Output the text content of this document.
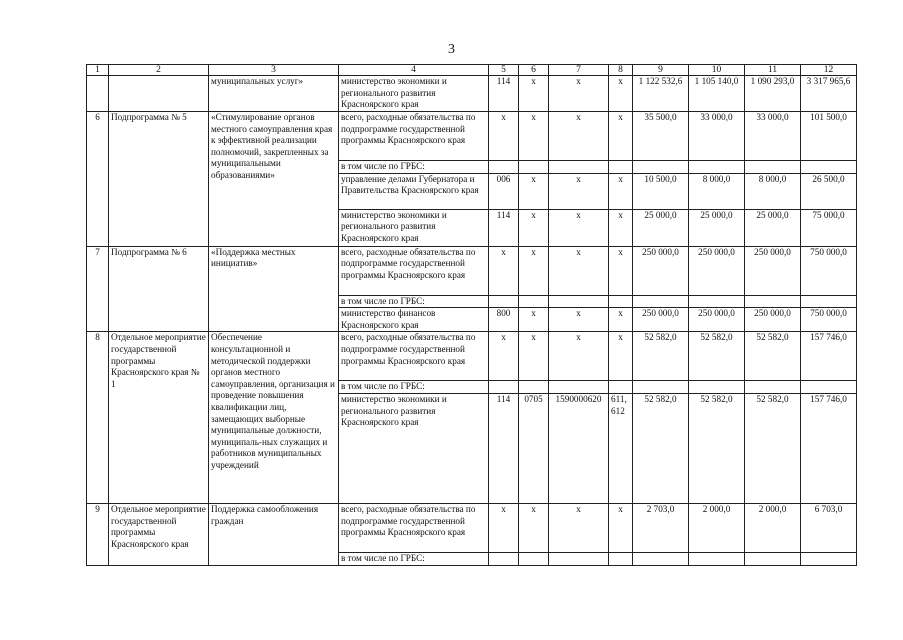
3
1	2	3	4	5	6	7	8	9	10	11	12
		муниципальных услуг»	министерство экономики и регионального развития Красноярского края	114	x	x	x	1 122 532,6	1 105 140,0	1 090 293,0	3 317 965,6
6	Подпрограмма № 5	«Стимулирование органов местного самоуправления края к эффективной реализации полномочий, закрепленных за муниципальными образованиями»	всего, расходные обязательства по подпрограмме государственной программы Красноярского края	x	x	x	x	35 500,0	33 000,0	33 000,0	101 500,0
			в том числе по ГРБС:								
			управление делами Губернатора и Правительства Красноярского края	006	x	x	x	10 500,0	8 000,0	8 000,0	26 500,0
			министерство экономики и регионального развития Красноярского края	114	x	x	x	25 000,0	25 000,0	25 000,0	75 000,0
7	Подпрограмма № 6	«Поддержка местных инициатив»	всего, расходные обязательства по подпрограмме государственной программы Красноярского края	x	x	x	x	250 000,0	250 000,0	250 000,0	750 000,0
			в том числе по ГРБС:								
			министерство финансов Красноярского края	800	x	x	x	250 000,0	250 000,0	250 000,0	750 000,0
8	Отдельное мероприятие государственной программы Красноярского края № 1	Обеспечение консультационной и методической поддержки органов местного самоуправления, организация и проведение повышения квалификации лиц, замещающих выборные муниципальные должности, муниципаль-ных служащих и работников муниципальных учреждений	всего, расходные обязательства по подпрограмме государственной программы Красноярского края	x	x	x	x	52 582,0	52 582,0	52 582,0	157 746,0
			в том числе по ГРБС:								
			министерство экономики и регионального развития Красноярского края	114	0705	1590000620	611, 612	52 582,0	52 582,0	52 582,0	157 746,0
9	Отдельное мероприятие государственной программы Красноярского края	Поддержка самообложения граждан	всего, расходные обязательства по подпрограмме государственной программы Красноярского края	x	x	x	x	2 703,0	2 000,0	2 000,0	6 703,0
			в том числе по ГРБС:								
